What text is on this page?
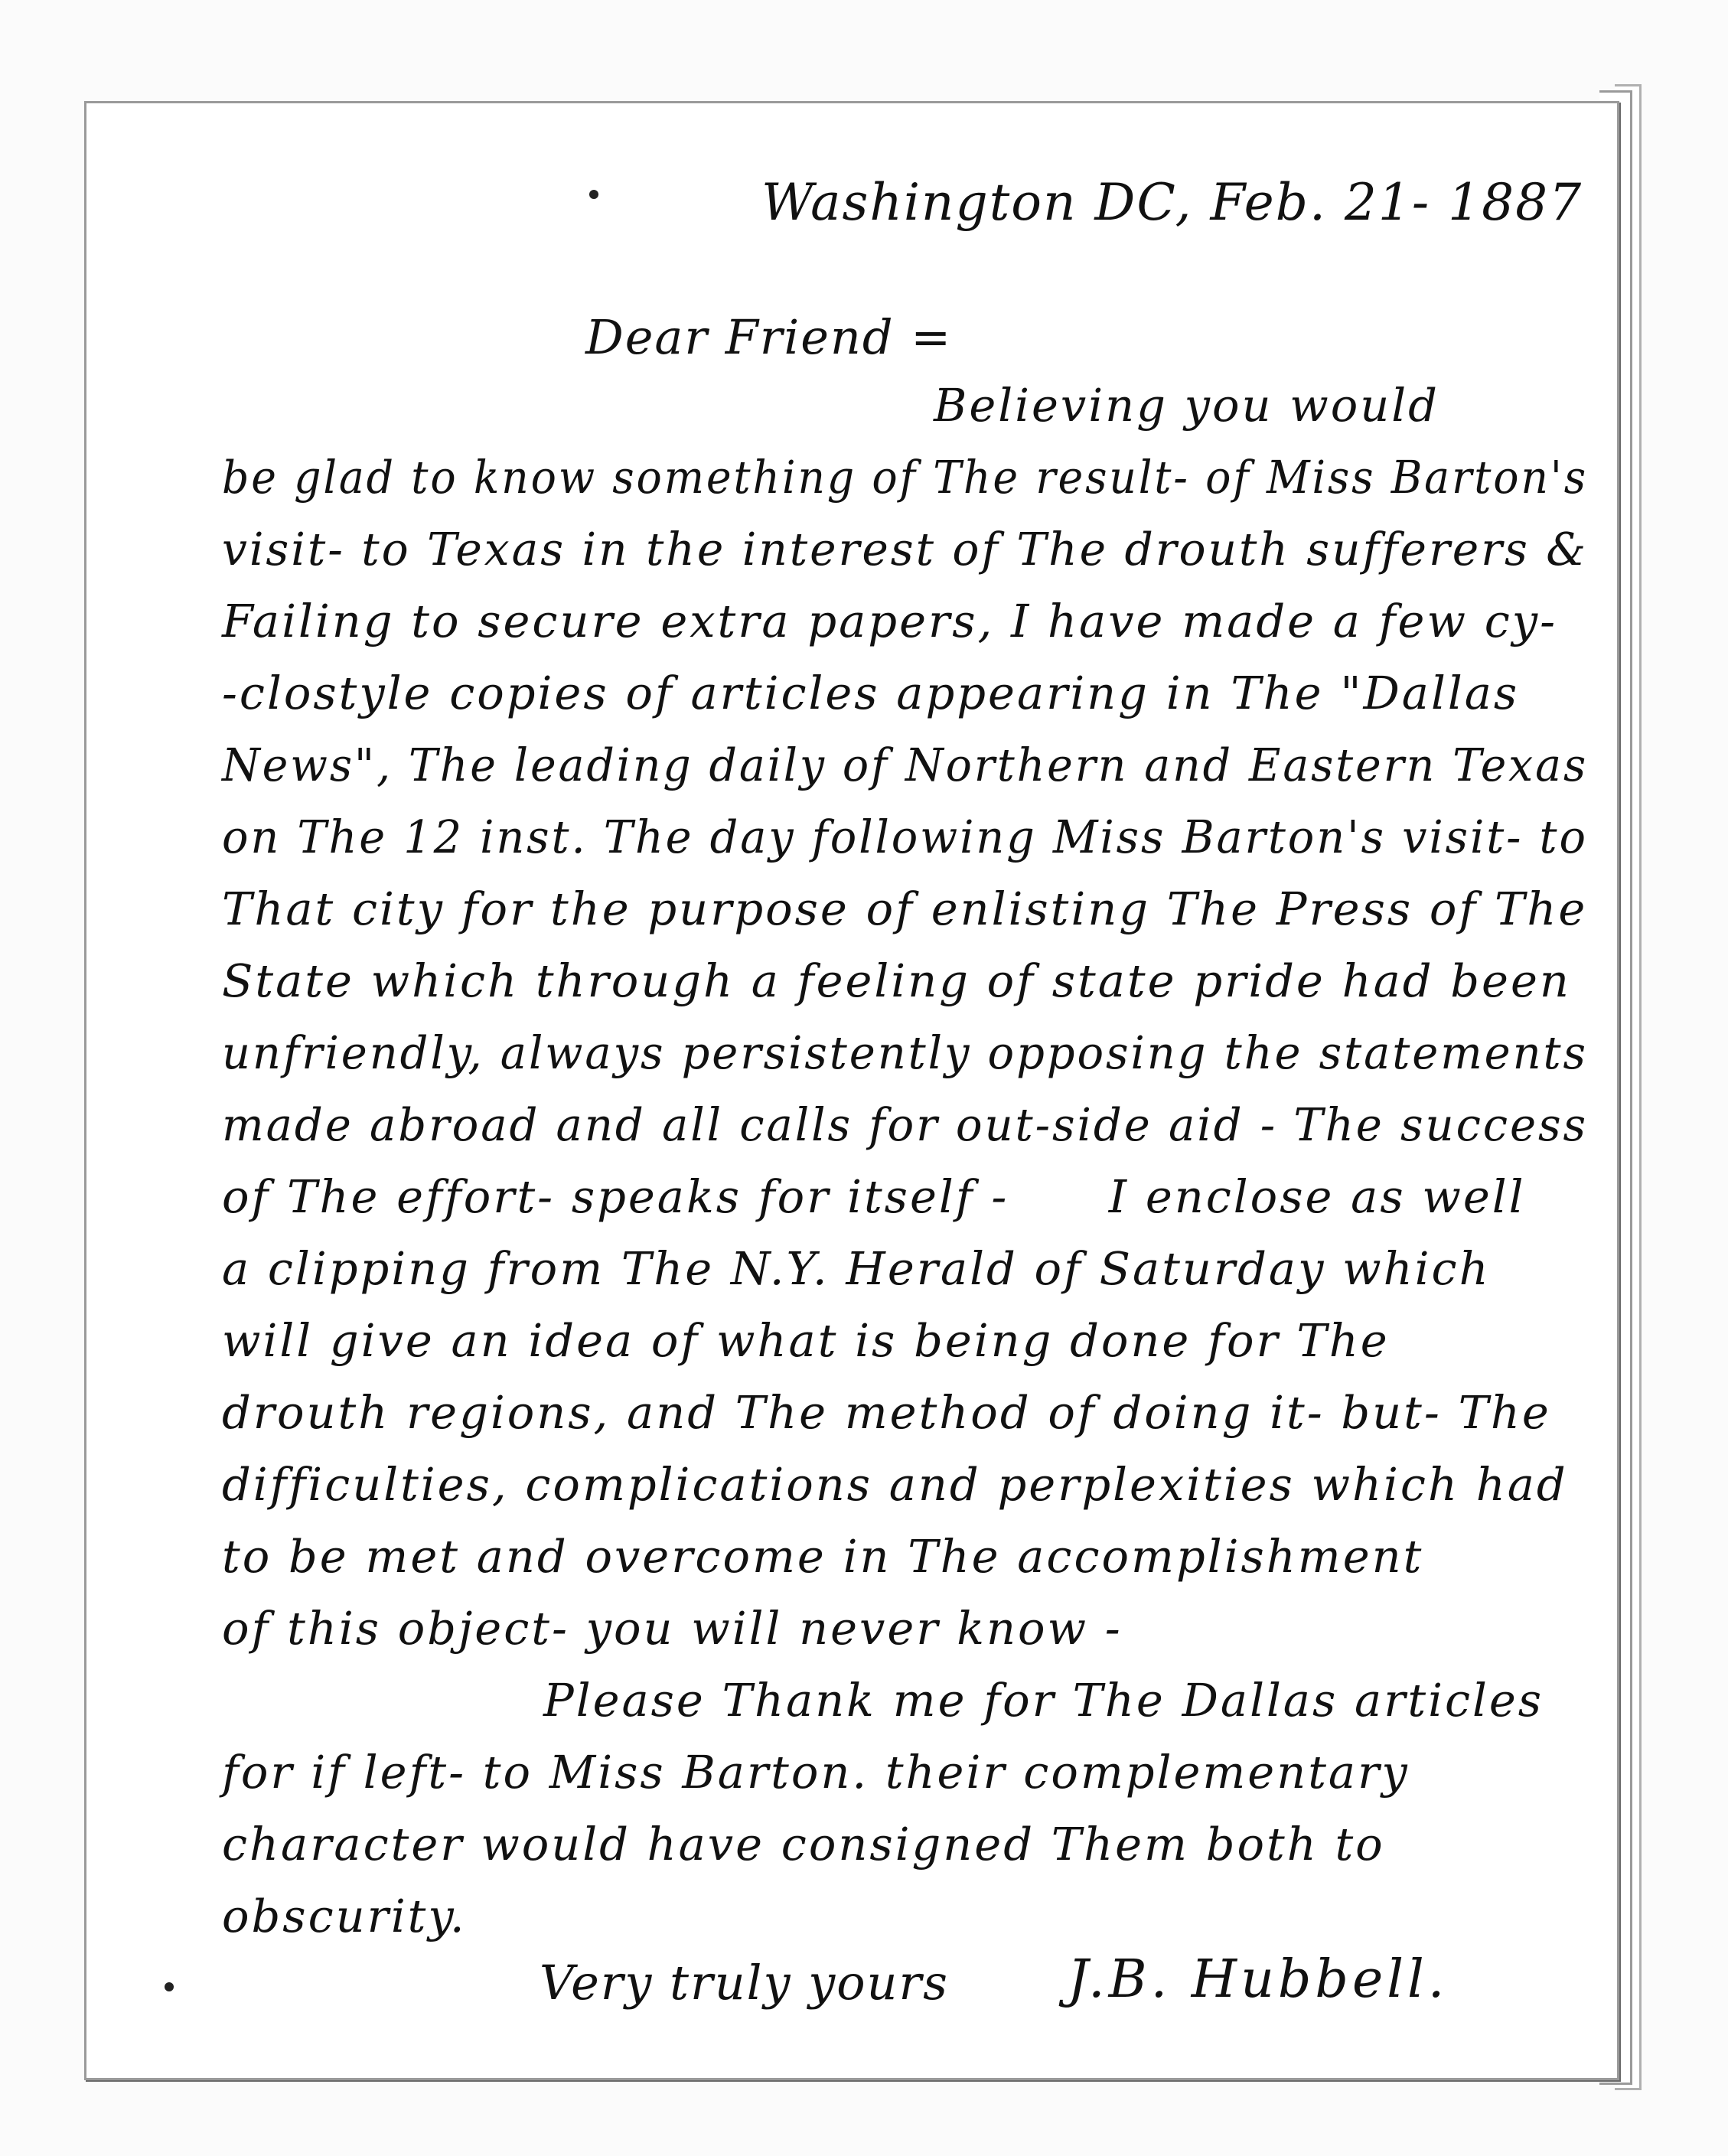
Washington DC, Feb. 21- 1887
Dear Friend =
Believing you would
be glad to know something of The result- of Miss Barton's
visit- to Texas in the interest of The drouth sufferers &
Failing to secure extra papers, I have made a few cy-
-clostyle copies of articles appearing in The "Dallas
News", The leading daily of Northern and Eastern Texas
on The 12 inst. The day following Miss Barton's visit- to
That city for the purpose of enlisting The Press of The
State which through a feeling of state pride had been
unfriendly, always persistently opposing the statements
made abroad and all calls for out-side aid - The success
of The effort- speaks for itself -      I enclose as well
a clipping from The N.Y. Herald of Saturday which
will give an idea of what is being done for The
drouth regions, and The method of doing it- but- The
difficulties, complications and perplexities which had
to be met and overcome in The accomplishment
of this object- you will never know -
Please Thank me for The Dallas articles
for if left- to Miss Barton. their complementary
character would have consigned Them both to
obscurity.
Very truly yours J.B. Hubbell.
